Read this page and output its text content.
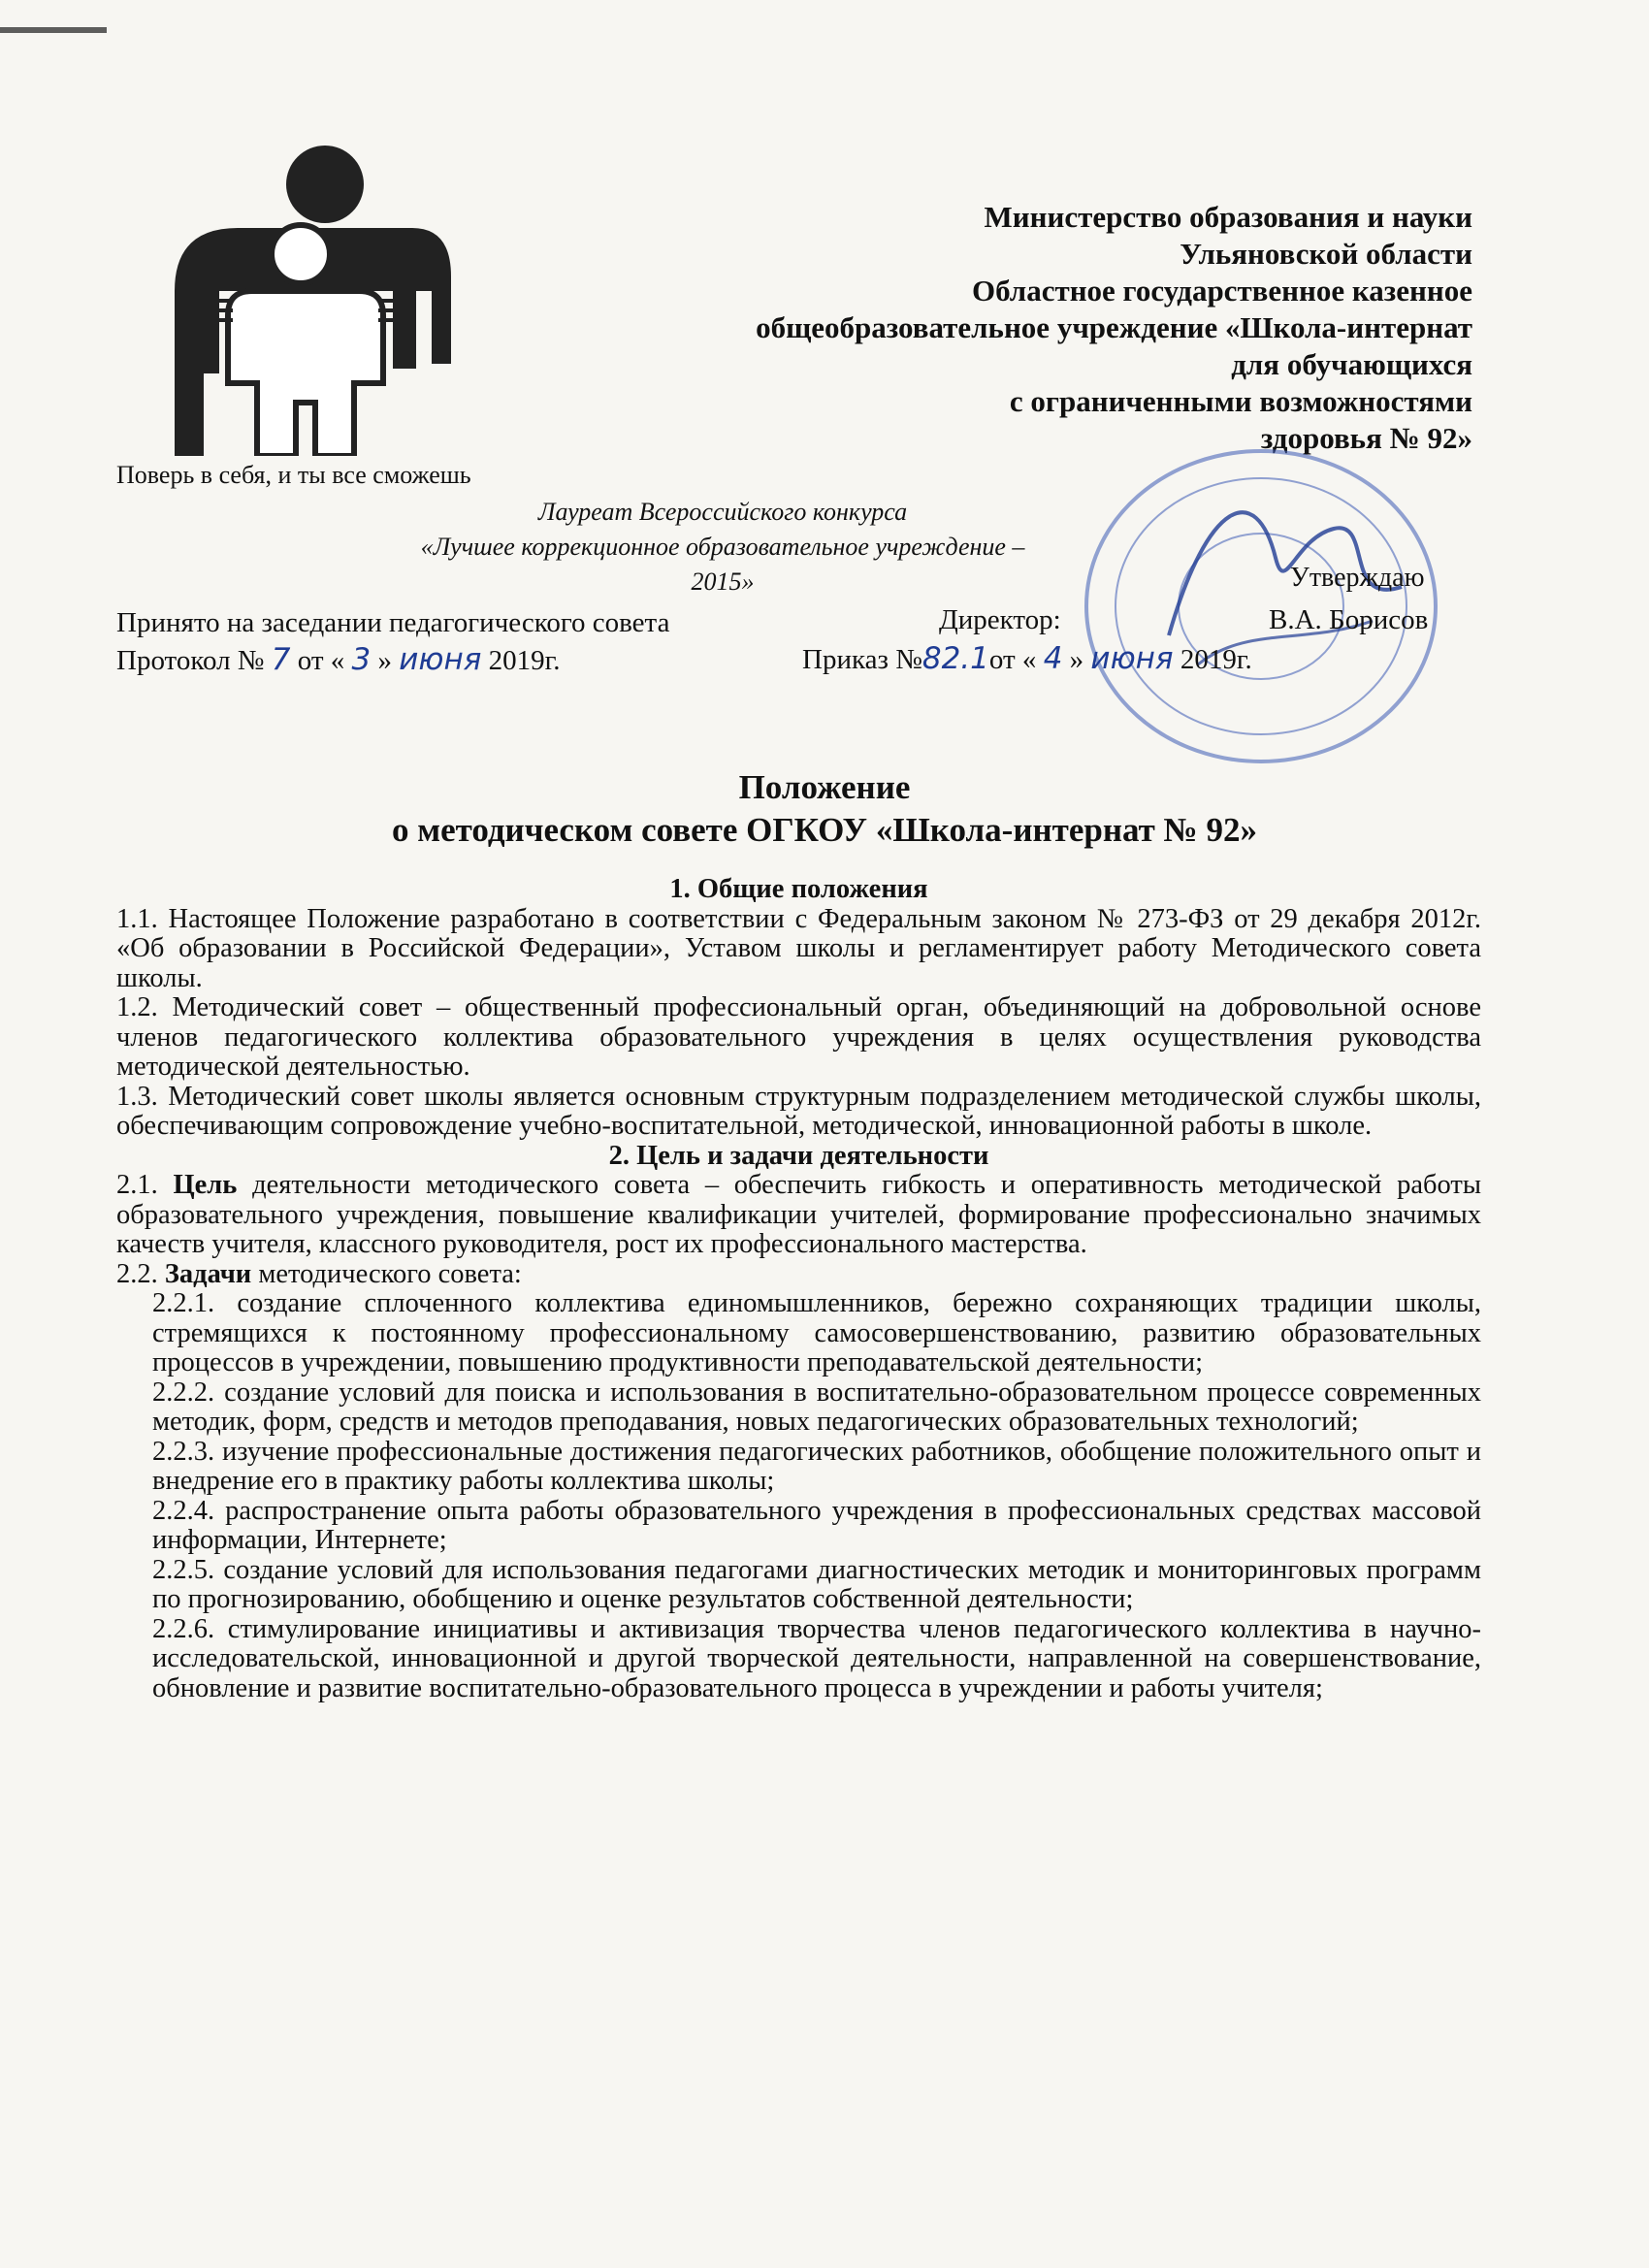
Поверь в себя, и ты все сможешь
Министерство образования и науки
Ульяновской области
Областное государственное казенное
общеобразовательное учреждение «Школа-интернат
для обучающихся
с ограниченными возможностями
здоровья № 92»
Лауреат Всероссийского конкурса
«Лучшее коррекционное образовательное учреждение – 2015»	Утверждаю
Принято на заседании педагогического совета
Протокол № 7 от « 3 » июня 2019г.
Директор:	В.А. Борисов
Приказ №82.1от « 4 » июня 2019г.
Положение
о методическом совете ОГКОУ «Школа-интернат № 92»

1. Общие положения

1.1. Настоящее Положение разработано в соответствии с Федеральным законом № 273-ФЗ от 29 декабря 2012г. «Об образовании в Российской Федерации», Уставом школы и регламентирует работу Методического совета школы.

1.2. Методический совет – общественный профессиональный орган, объединяющий на добровольной основе членов педагогического коллектива образовательного учреждения в целях осуществления руководства методической деятельностью.

1.3. Методический совет школы является основным структурным подразделением методической службы школы, обеспечивающим сопровождение учебно-воспитательной, методической, инновационной работы в школе.

2. Цель и задачи деятельности

2.1. Цель деятельности методического совета – обеспечить гибкость и оперативность методической работы образовательного учреждения, повышение квалификации учителей, формирование профессионально значимых качеств учителя, классного руководителя, рост их профессионального мастерства.

2.2. Задачи методического совета:

2.2.1. создание сплоченного коллектива единомышленников, бережно сохраняющих традиции школы, стремящихся к постоянному профессиональному самосовершенствованию, развитию образовательных процессов в учреждении, повышению продуктивности преподавательской деятельности;

2.2.2. создание условий для поиска и использования в воспитательно-образовательном процессе современных методик, форм, средств и методов преподавания, новых педагогических образовательных технологий;

2.2.3. изучение профессиональные достижения педагогических работников, обобщение положительного опыт и внедрение его в практику работы коллектива школы;

2.2.4. распространение опыта работы образовательного учреждения в профессиональных средствах массовой информации, Интернете;

2.2.5. создание условий для использования педагогами диагностических методик и мониторинговых программ по прогнозированию, обобщению и оценке результатов собственной деятельности;

2.2.6. стимулирование инициативы и активизация творчества членов педагогического коллектива в научно-исследовательской, инновационной и другой творческой деятельности, направленной на совершенствование, обновление и развитие воспитательно-образовательного процесса в учреждении и работы учителя;
